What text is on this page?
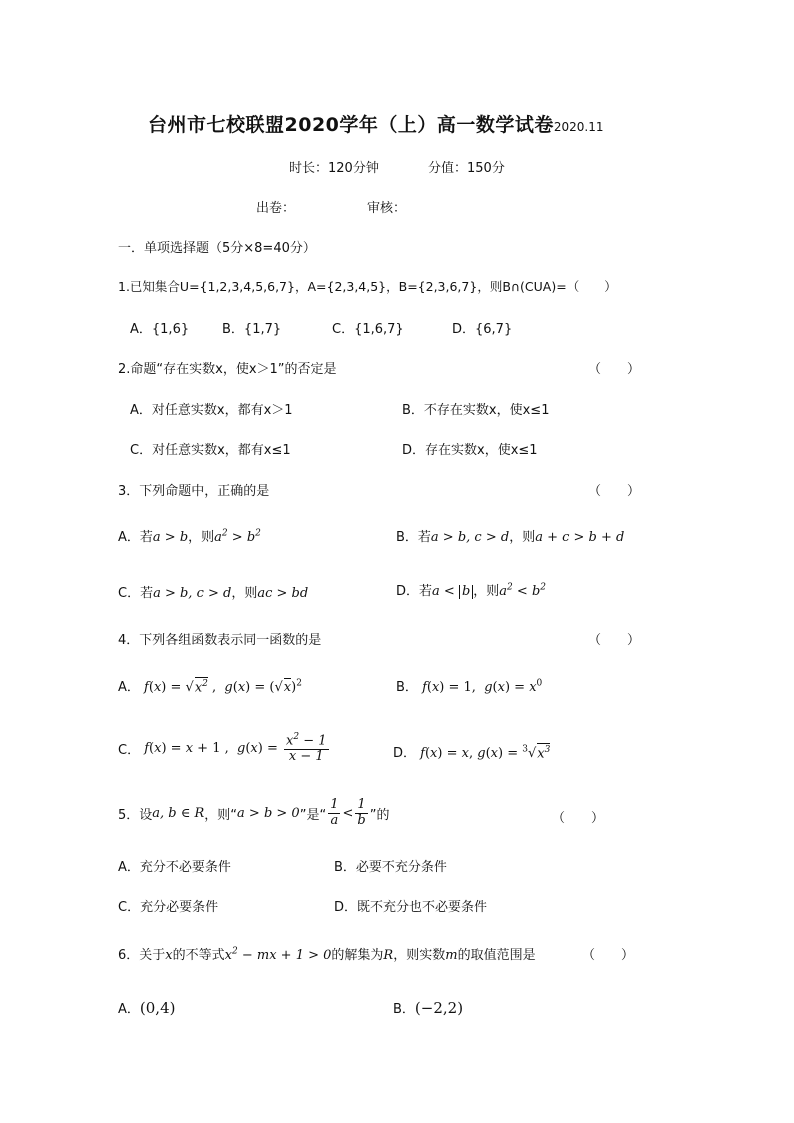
台州市七校联盟2020学年（上）高一数学试卷2020.11
时长：120分钟	分值：150分
出卷：	审核：
一．单项选择题（5分×8=40分）
1.已知集合U={1,2,3,4,5,6,7}，A={2,3,4,5}，B={2,3,6,7}，则B∩(CUA)=（　　）
A．{1,6}	B．{1,7}	C．{1,6,7}	D．{6,7}
2.命题“存在实数x，使x＞1”的否定是	（　　）
A．对任意实数x，都有x＞1	B．不存在实数x，使x≤1
C．对任意实数x，都有x≤1	D．存在实数x，使x≤1
3．下列命题中，正确的是	（　　）
A．若a > b，则$a^2 > b^2$	B．若a > b, c > d，则a + c > b + d
C．若a > b, c > d，则ac > bd	D．若a < b ，则$a^2 < b^2$
4．下列各组函数表示同一函数的是	（　　）
A． $f(x) = √x^2$ ,  $g(x) = (√x)^2$	B． f(x) = 1,  $g(x) = x^0$
C． f(x) = x + 1 ,  $g(x) = \frac{x^2 - 1}{x - 1}$	D． f(x) = x, $g(x) = ^3√x^3$
5．设a, b ∈ R，则“a > b > 0”是“ $\frac{1}{a} < \frac{1}{b}$ ”的	（　　）
A．充分不必要条件	B．必要不充分条件
C．充分必要条件	D．既不充分也不必要条件
6．关于x的不等式$x^2$ − mx + 1 > 0的解集为R，则实数m的取值范围是	（　　）
A．(0,4)	B．(−2,2)
